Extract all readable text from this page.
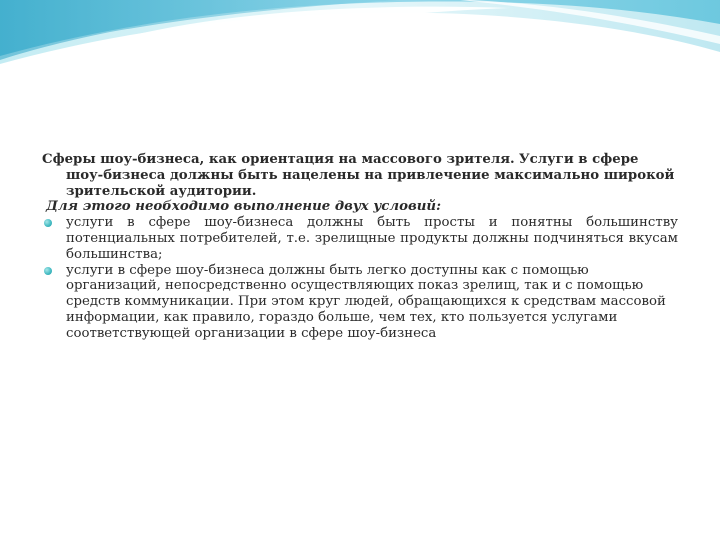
Сферы шоу-бизнеса, как ориентация на массового зрителя. Услуги в сфере шоу-бизнеса должны быть нацелены на привлечение максимально широкой зрительской аудитории.

Для этого необходимо выполнение двух условий:

услуги в сфере шоу-бизнеса должны быть просты и понятны большинству потенциальных потребителей, т.е. зрелищные продукты должны подчиняться вкусам большинства;
услуги в сфере шоу-бизнеса должны быть легко доступны как с помощью организаций, непосредственно осуществляющих показ зрелищ, так и с помощью средств коммуникации. При этом круг людей, обращающихся к средствам массовой информации, как правило, гораздо больше, чем тех, кто пользуется услугами соответствующей организации в сфере шоу-бизнеса
